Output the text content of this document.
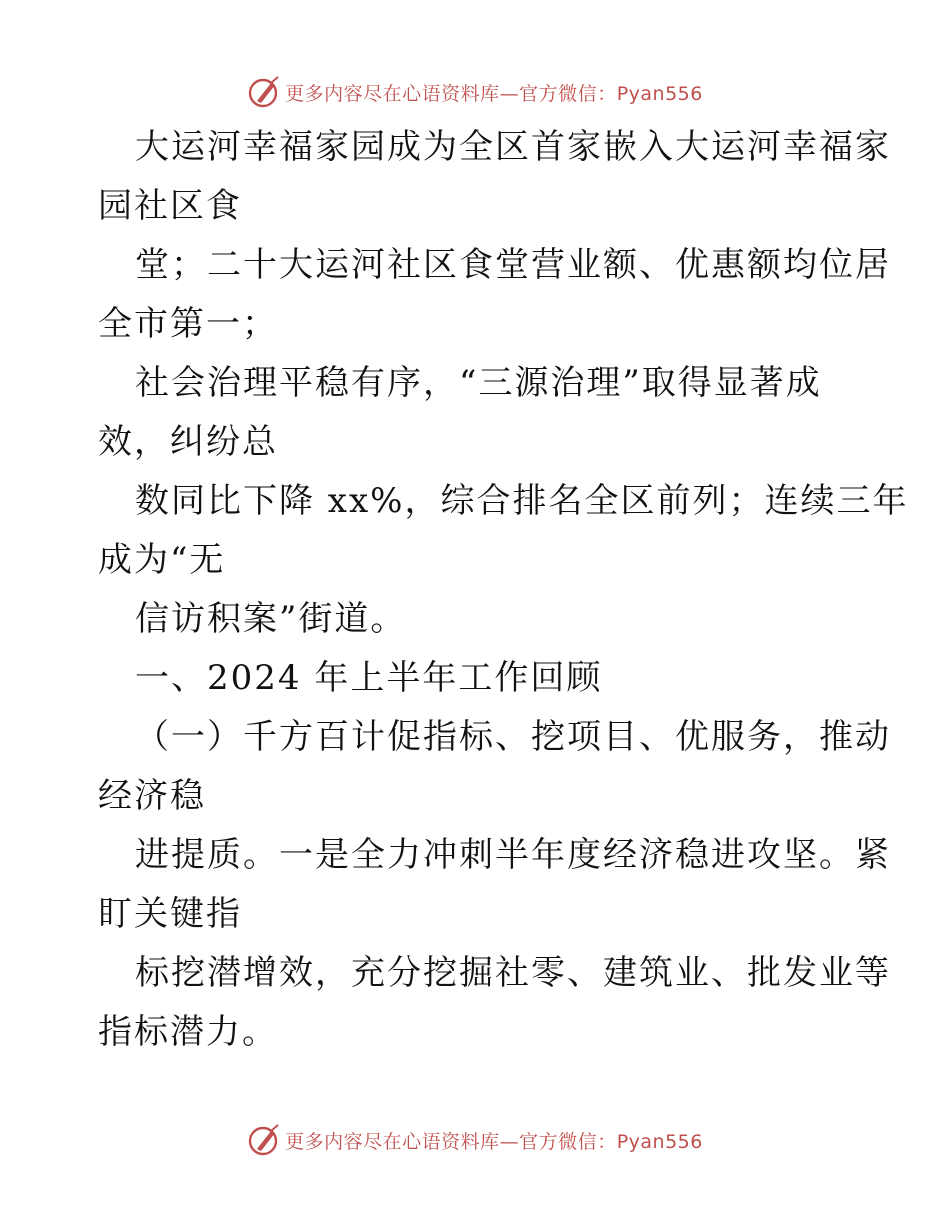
更多内容尽在心语资料库—官方微信：Pyan556
大运河幸福家园成为全区首家嵌入大运河幸福家
园社区食
堂；二十大运河社区食堂营业额、优惠额均位居
全市第一；
社会治理平稳有序，“三源治理”取得显著成
效，纠纷总
数同比下降 xx%，综合排名全区前列；连续三年
成为“无
信访积案”街道。
一、2024 年上半年工作回顾
（一）千方百计促指标、挖项目、优服务，推动
经济稳
进提质。一是全力冲刺半年度经济稳进攻坚。紧
盯关键指
标挖潜增效，充分挖掘社零、建筑业、批发业等
指标潜力。
更多内容尽在心语资料库—官方微信：Pyan556
